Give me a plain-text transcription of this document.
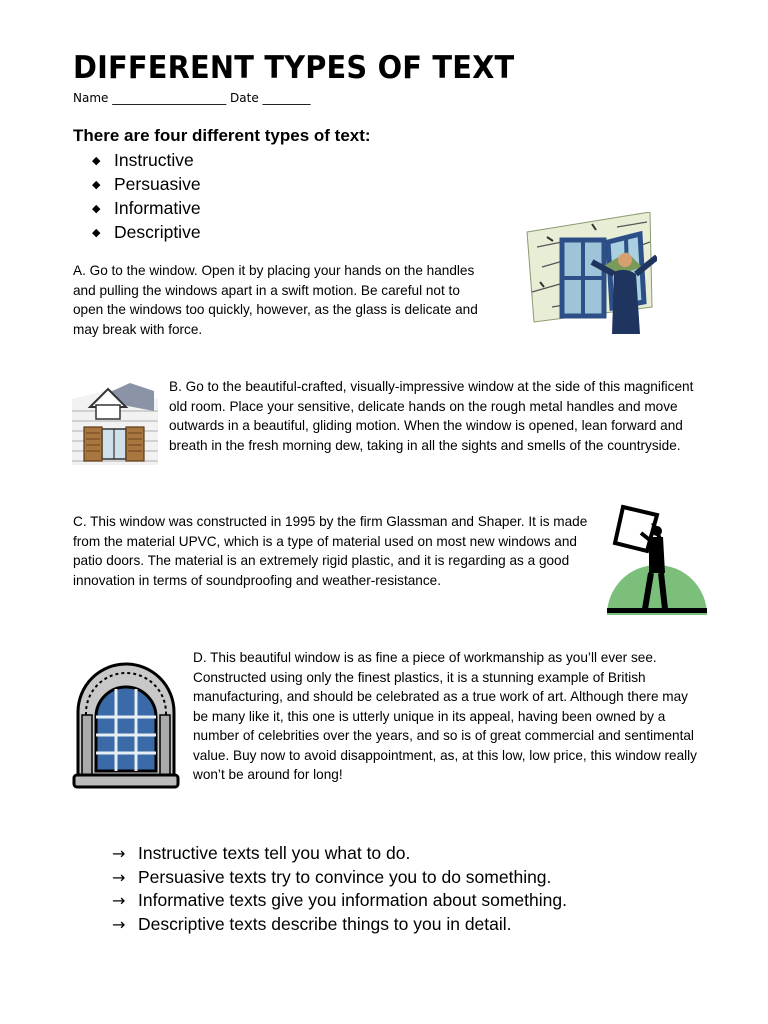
DIFFERENT TYPES OF TEXT
Name ___________________ Date ________
There are four different types of text:
◆ Instructive
◆ Persuasive
◆ Informative
◆ Descriptive
A. Go to the window. Open it by placing your hands on the handles and pulling the windows apart in a swift motion. Be careful not to open the windows too quickly, however, as the glass is delicate and may break with force.
B. Go to the beautiful-crafted, visually-impressive window at the side of this magnificent old room. Place your sensitive, delicate hands on the rough metal handles and move outwards in a beautiful, gliding motion. When the window is opened, lean forward and breath in the fresh morning dew, taking in all the sights and smells of the countryside.
C. This window was constructed in 1995 by the firm Glassman and Shaper. It is made from the material UPVC, which is a type of material used on most new windows and patio doors. The material is an extremely rigid plastic, and it is regarding as a good innovation in terms of soundproofing and weather-resistance.
D. This beautiful window is as fine a piece of workmanship as you’ll ever see. Constructed using only the finest plastics, it is a stunning example of British manufacturing, and should be celebrated as a true work of art. Although there may be many like it, this one is utterly unique in its appeal, having been owned by a number of celebrities over the years, and so is of great commercial and sentimental value. Buy now to avoid disappointment, as, at this low, low price, this window really won’t be around for long!
→ Instructive texts tell you what to do.
→ Persuasive texts try to convince you to do something.
→ Informative texts give you information about something.
→ Descriptive texts describe things to you in detail.
